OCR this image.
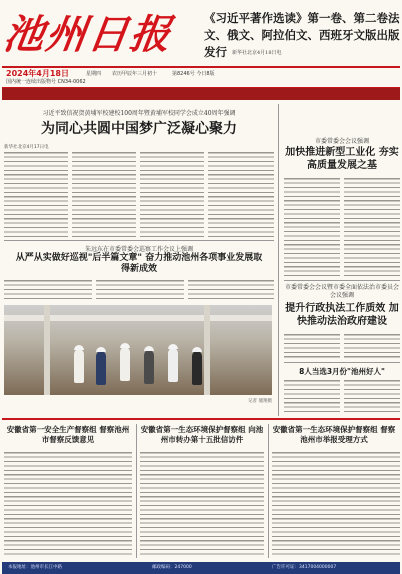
池州日报	《习近平著作选读》第一卷、第二卷法文、俄文、阿拉伯文、西班牙文版出版发行	新华社北京4月18日电
2024年4月18日	星期四 农历甲辰年三月初十	第8246号 今日8版
国内统一连续出版物号 CN34-0062
习近平致信祝贺黄埔军校建校100周年暨黄埔军校同学会成立40周年强调
为同心共圆中国梦广泛凝心聚力
新华社北京4月17日电
市委常委会会议强调
加快推进新型工业化 夯实高质量发展之基
朱远东在市委常委会巡察工作会议上强调
从严从实做好巡视"后半篇文章" 奋力推动池州各项事业发展取得新成效
市委常委会会议暨市委全面依法治市委员会会议强调
提升行政执法工作质效 加快推动法治政府建设
记者 储翔摄
8人当选3月份"池州好人"
安徽省第一安全生产督察组 督察池州市督察反馈意见
安徽省第一生态环境保护督察组 向池州市转办第十五批信访件
安徽省第一生态环境保护督察组 督察池州市举报受理方式
本报地址：池州市长江中路	邮政编码：247000	广告许可证：3417004000007
